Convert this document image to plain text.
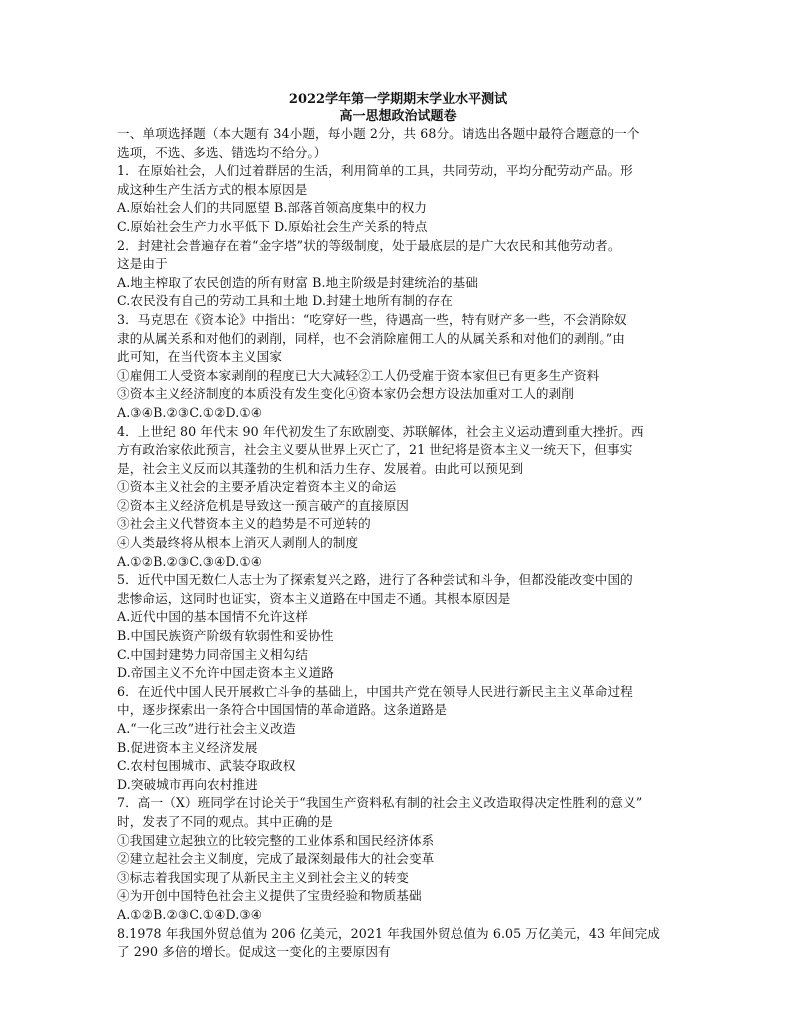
2022学年第一学期期末学业水平测试
高一思想政治试题卷
一、单项选择题（本大题有 34小题，每小题 2分，共 68分。请选出各题中最符合题意的一个
选项，不选、多选、错选均不给分。）
1．在原始社会，人们过着群居的生活，利用简单的工具，共同劳动，平均分配劳动产品。形
成这种生产生活方式的根本原因是
A.原始社会人们的共同愿望 B.部落首领高度集中的权力
C.原始社会生产力水平低下 D.原始社会生产关系的特点
2．封建社会普遍存在着“金字塔”状的等级制度，处于最底层的是广大农民和其他劳动者。
这是由于
A.地主榨取了农民创造的所有财富 B.地主阶级是封建统治的基础
C.农民没有自己的劳动工具和土地 D.封建土地所有制的存在
3．马克思在《资本论》中指出：“吃穿好一些，待遇高一些，特有财产多一些，不会消除奴
隶的从属关系和对他们的剥削，同样，也不会消除雇佣工人的从属关系和对他们的剥削。”由
此可知，在当代资本主义国家
①雇佣工人受资本家剥削的程度已大大减轻②工人仍受雇于资本家但已有更多生产资料
③资本主义经济制度的本质没有发生变化④资本家仍会想方设法加重对工人的剥削
A.③④B.②③C.①②D.①④
4．上世纪 80 年代末 90 年代初发生了东欧剧变、苏联解体，社会主义运动遭到重大挫折。西
方有政治家依此预言，社会主义要从世界上灭亡了，21 世纪将是资本主义一统天下，但事实
是，社会主义反而以其蓬勃的生机和活力生存、发展着。由此可以预见到
①资本主义社会的主要矛盾决定着资本主义的命运
②资本主义经济危机是导致这一预言破产的直接原因
③社会主义代替资本主义的趋势是不可逆转的
④人类最终将从根本上消灭人剥削人的制度
A.①②B.②③C.③④D.①④
5．近代中国无数仁人志士为了探索复兴之路，进行了各种尝试和斗争，但都没能改变中国的
悲惨命运，这同时也证实，资本主义道路在中国走不通。其根本原因是
A.近代中国的基本国情不允许这样
B.中国民族资产阶级有软弱性和妥协性
C.中国封建势力同帝国主义相勾结
D.帝国主义不允许中国走资本主义道路
6．在近代中国人民开展救亡斗争的基础上，中国共产党在领导人民进行新民主主义革命过程
中，逐步探索出一条符合中国国情的革命道路。这条道路是
A.“一化三改”进行社会主义改造
B.促进资本主义经济发展
C.农村包围城市、武装夺取政权
D.突破城市再向农村推进
7．高一（X）班同学在讨论关于“我国生产资料私有制的社会主义改造取得决定性胜利的意义”
时，发表了不同的观点。其中正确的是
①我国建立起独立的比较完整的工业体系和国民经济体系
②建立起社会主义制度，完成了最深刻最伟大的社会变革
③标志着我国实现了从新民主主义到社会主义的转变
④为开创中国特色社会主义提供了宝贵经验和物质基础
A.①②B.②③C.①④D.③④
8.1978 年我国外贸总值为 206 亿美元，2021 年我国外贸总值为 6.05 万亿美元，43 年间完成
了 290 多倍的增长。促成这一变化的主要原因有
